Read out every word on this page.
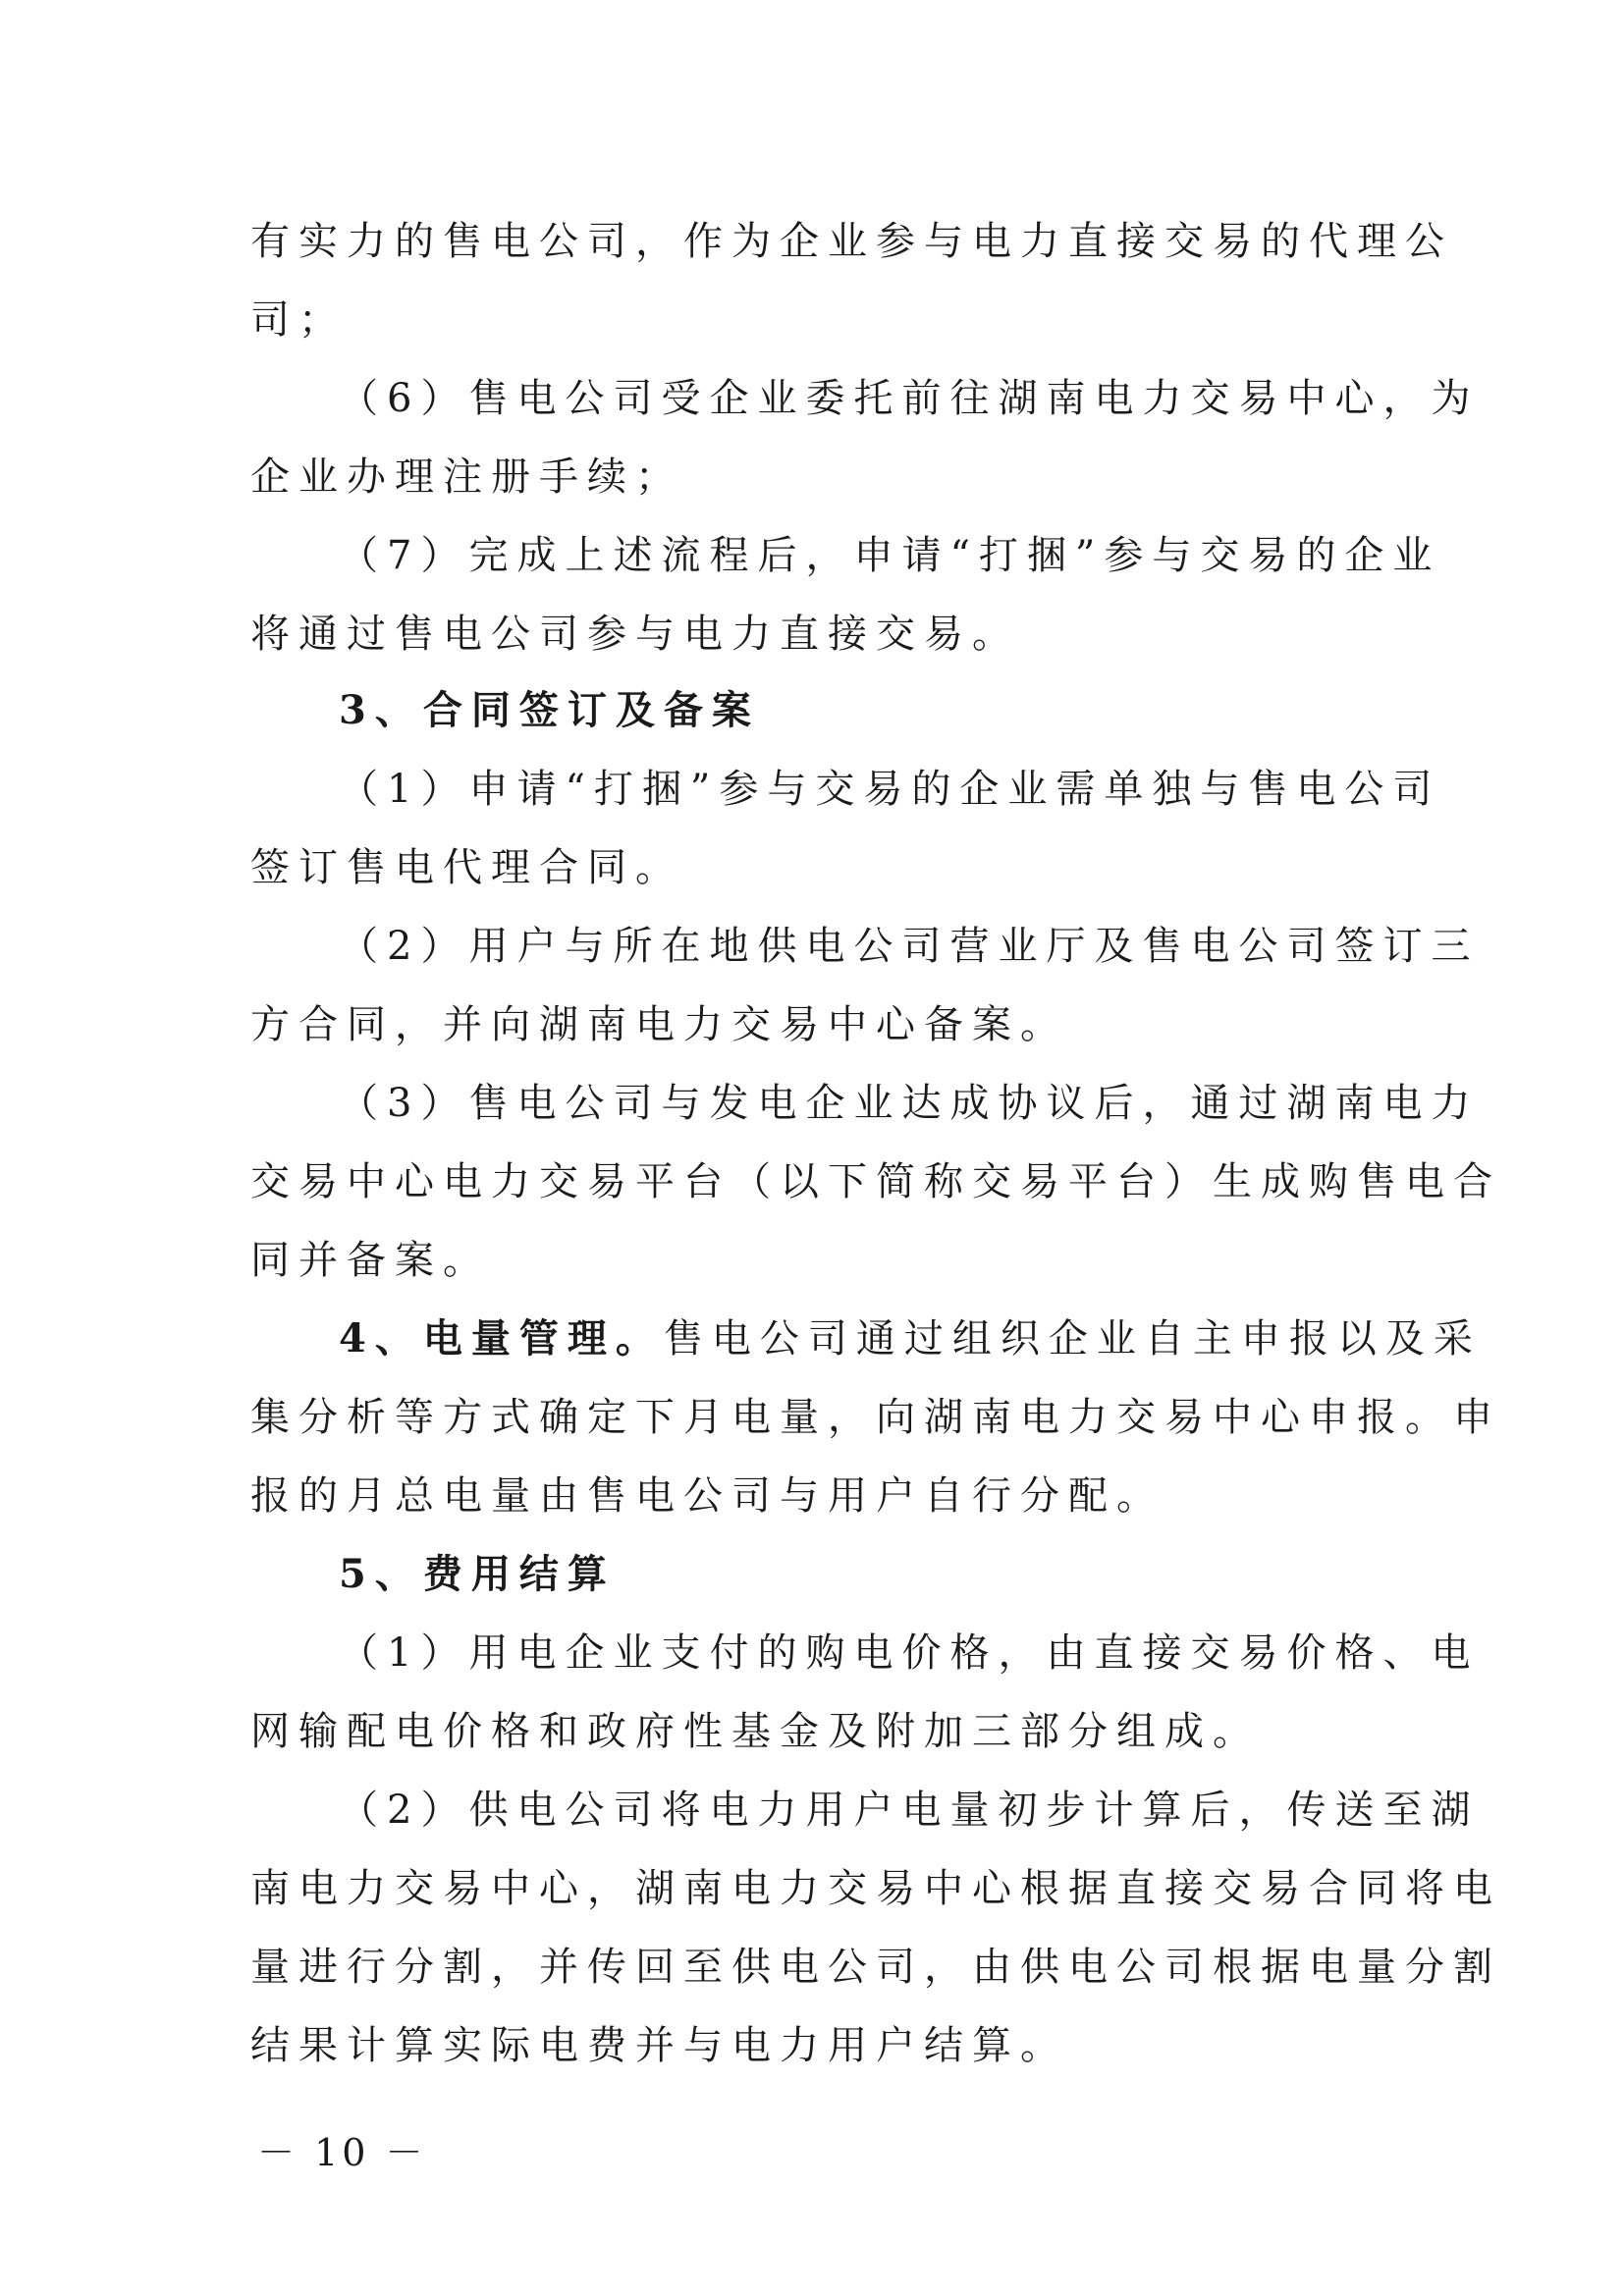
有实力的售电公司，作为企业参与电力直接交易的代理公
司；
（6）售电公司受企业委托前往湖南电力交易中心，为
企业办理注册手续；
（7）完成上述流程后，申请“打捆”参与交易的企业
将通过售电公司参与电力直接交易。
3、合同签订及备案
（1）申请“打捆”参与交易的企业需单独与售电公司
签订售电代理合同。
（2）用户与所在地供电公司营业厅及售电公司签订三
方合同，并向湖南电力交易中心备案。
（3）售电公司与发电企业达成协议后，通过湖南电力
交易中心电力交易平台（以下简称交易平台）生成购售电合
同并备案。
4、电量管理。售电公司通过组织企业自主申报以及采
集分析等方式确定下月电量，向湖南电力交易中心申报。申
报的月总电量由售电公司与用户自行分配。
5、费用结算
（1）用电企业支付的购电价格，由直接交易价格、电
网输配电价格和政府性基金及附加三部分组成。
（2）供电公司将电力用户电量初步计算后，传送至湖
南电力交易中心，湖南电力交易中心根据直接交易合同将电
量进行分割，并传回至供电公司，由供电公司根据电量分割
结果计算实际电费并与电力用户结算。
－ 10 －
